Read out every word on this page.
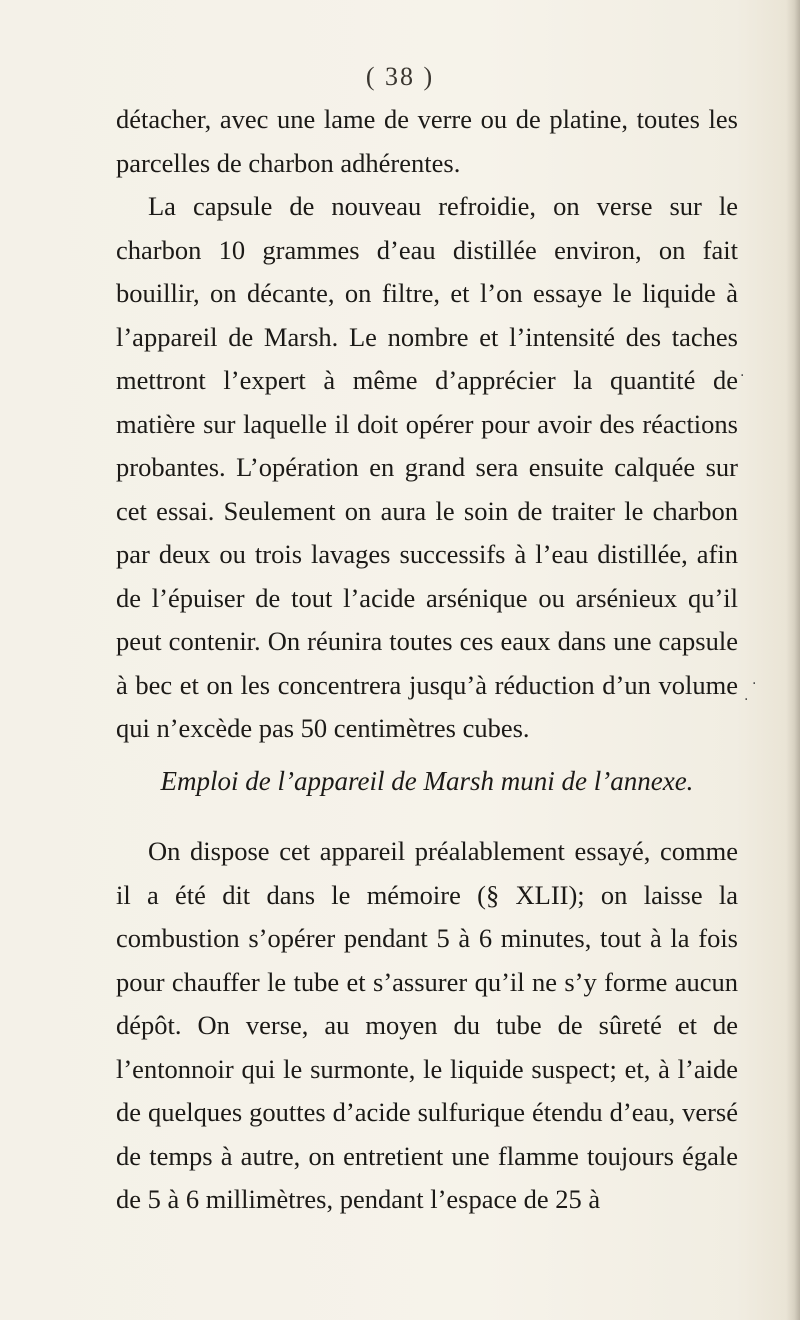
( 38 )

détacher, avec une lame de verre ou de platine, toutes les parcelles de charbon adhérentes.

La capsule de nouveau refroidie, on verse sur le charbon 10 grammes d’eau distillée environ, on fait bouillir, on décante, on filtre, et l’on essaye le liquide à l’appareil de Marsh. Le nombre et l’intensité des taches mettront l’expert à même d’apprécier la quantité de matière sur laquelle il doit opérer pour avoir des réactions probantes. L’opération en grand sera ensuite calquée sur cet essai. Seulement on aura le soin de traiter le charbon par deux ou trois lavages successifs à l’eau distillée, afin de l’épuiser de tout l’acide arsénique ou arsénieux qu’il peut contenir. On réunira toutes ces eaux dans une capsule à bec et on les concentrera jusqu’à réduction d’un volume qui n’excède pas 50 centimètres cubes.

Emploi de l’appareil de Marsh muni de l’annexe.

On dispose cet appareil préalablement essayé, comme il a été dit dans le mémoire (§ XLII); on laisse la combustion s’opérer pendant 5 à 6 minutes, tout à la fois pour chauffer le tube et s’assurer qu’il ne s’y forme aucun dépôt. On verse, au moyen du tube de sûreté et de l’entonnoir qui le surmonte, le liquide suspect; et, à l’aide de quelques gouttes d’acide sulfurique étendu d’eau, versé de temps à autre, on entretient une flamme toujours égale de 5 à 6 millimètres, pendant l’espace de 25 à

·
·
·
